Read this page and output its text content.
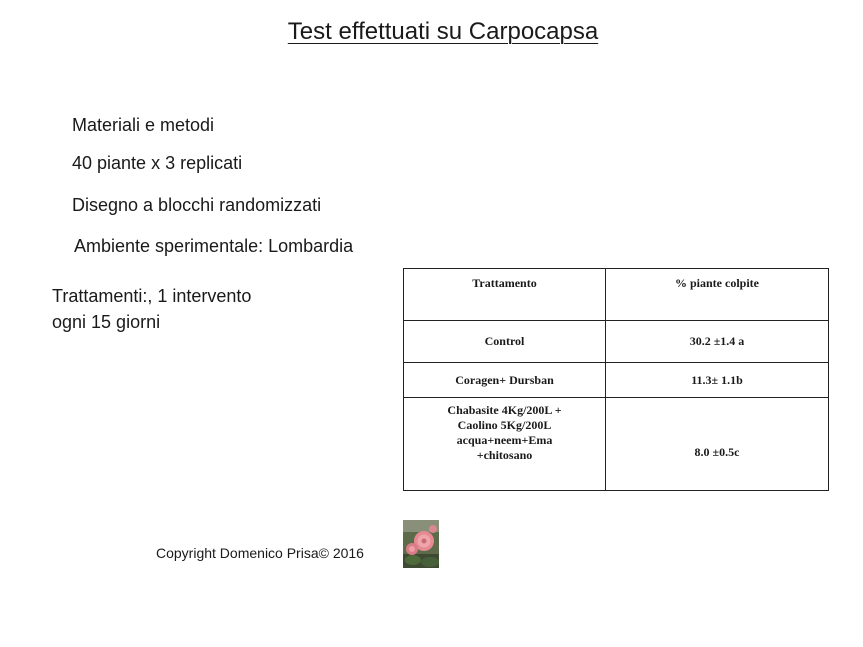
Test effettuati su Carpocapsa
Materiali e metodi
40 piante x 3 replicati
Disegno a blocchi randomizzati
Ambiente sperimentale: Lombardia
Trattamenti:, 1 intervento
ogni 15 giorni
Trattamento	% piante colpite
Control	30.2 ±1.4 a
Coragen+ Dursban	11.3± 1.1b

Chabasite 4Kg/200L +
Caolino 5Kg/200L
acqua+neem+Ema
+chitosano	8.0 ±0.5c
Copyright Domenico Prisa© 2016
